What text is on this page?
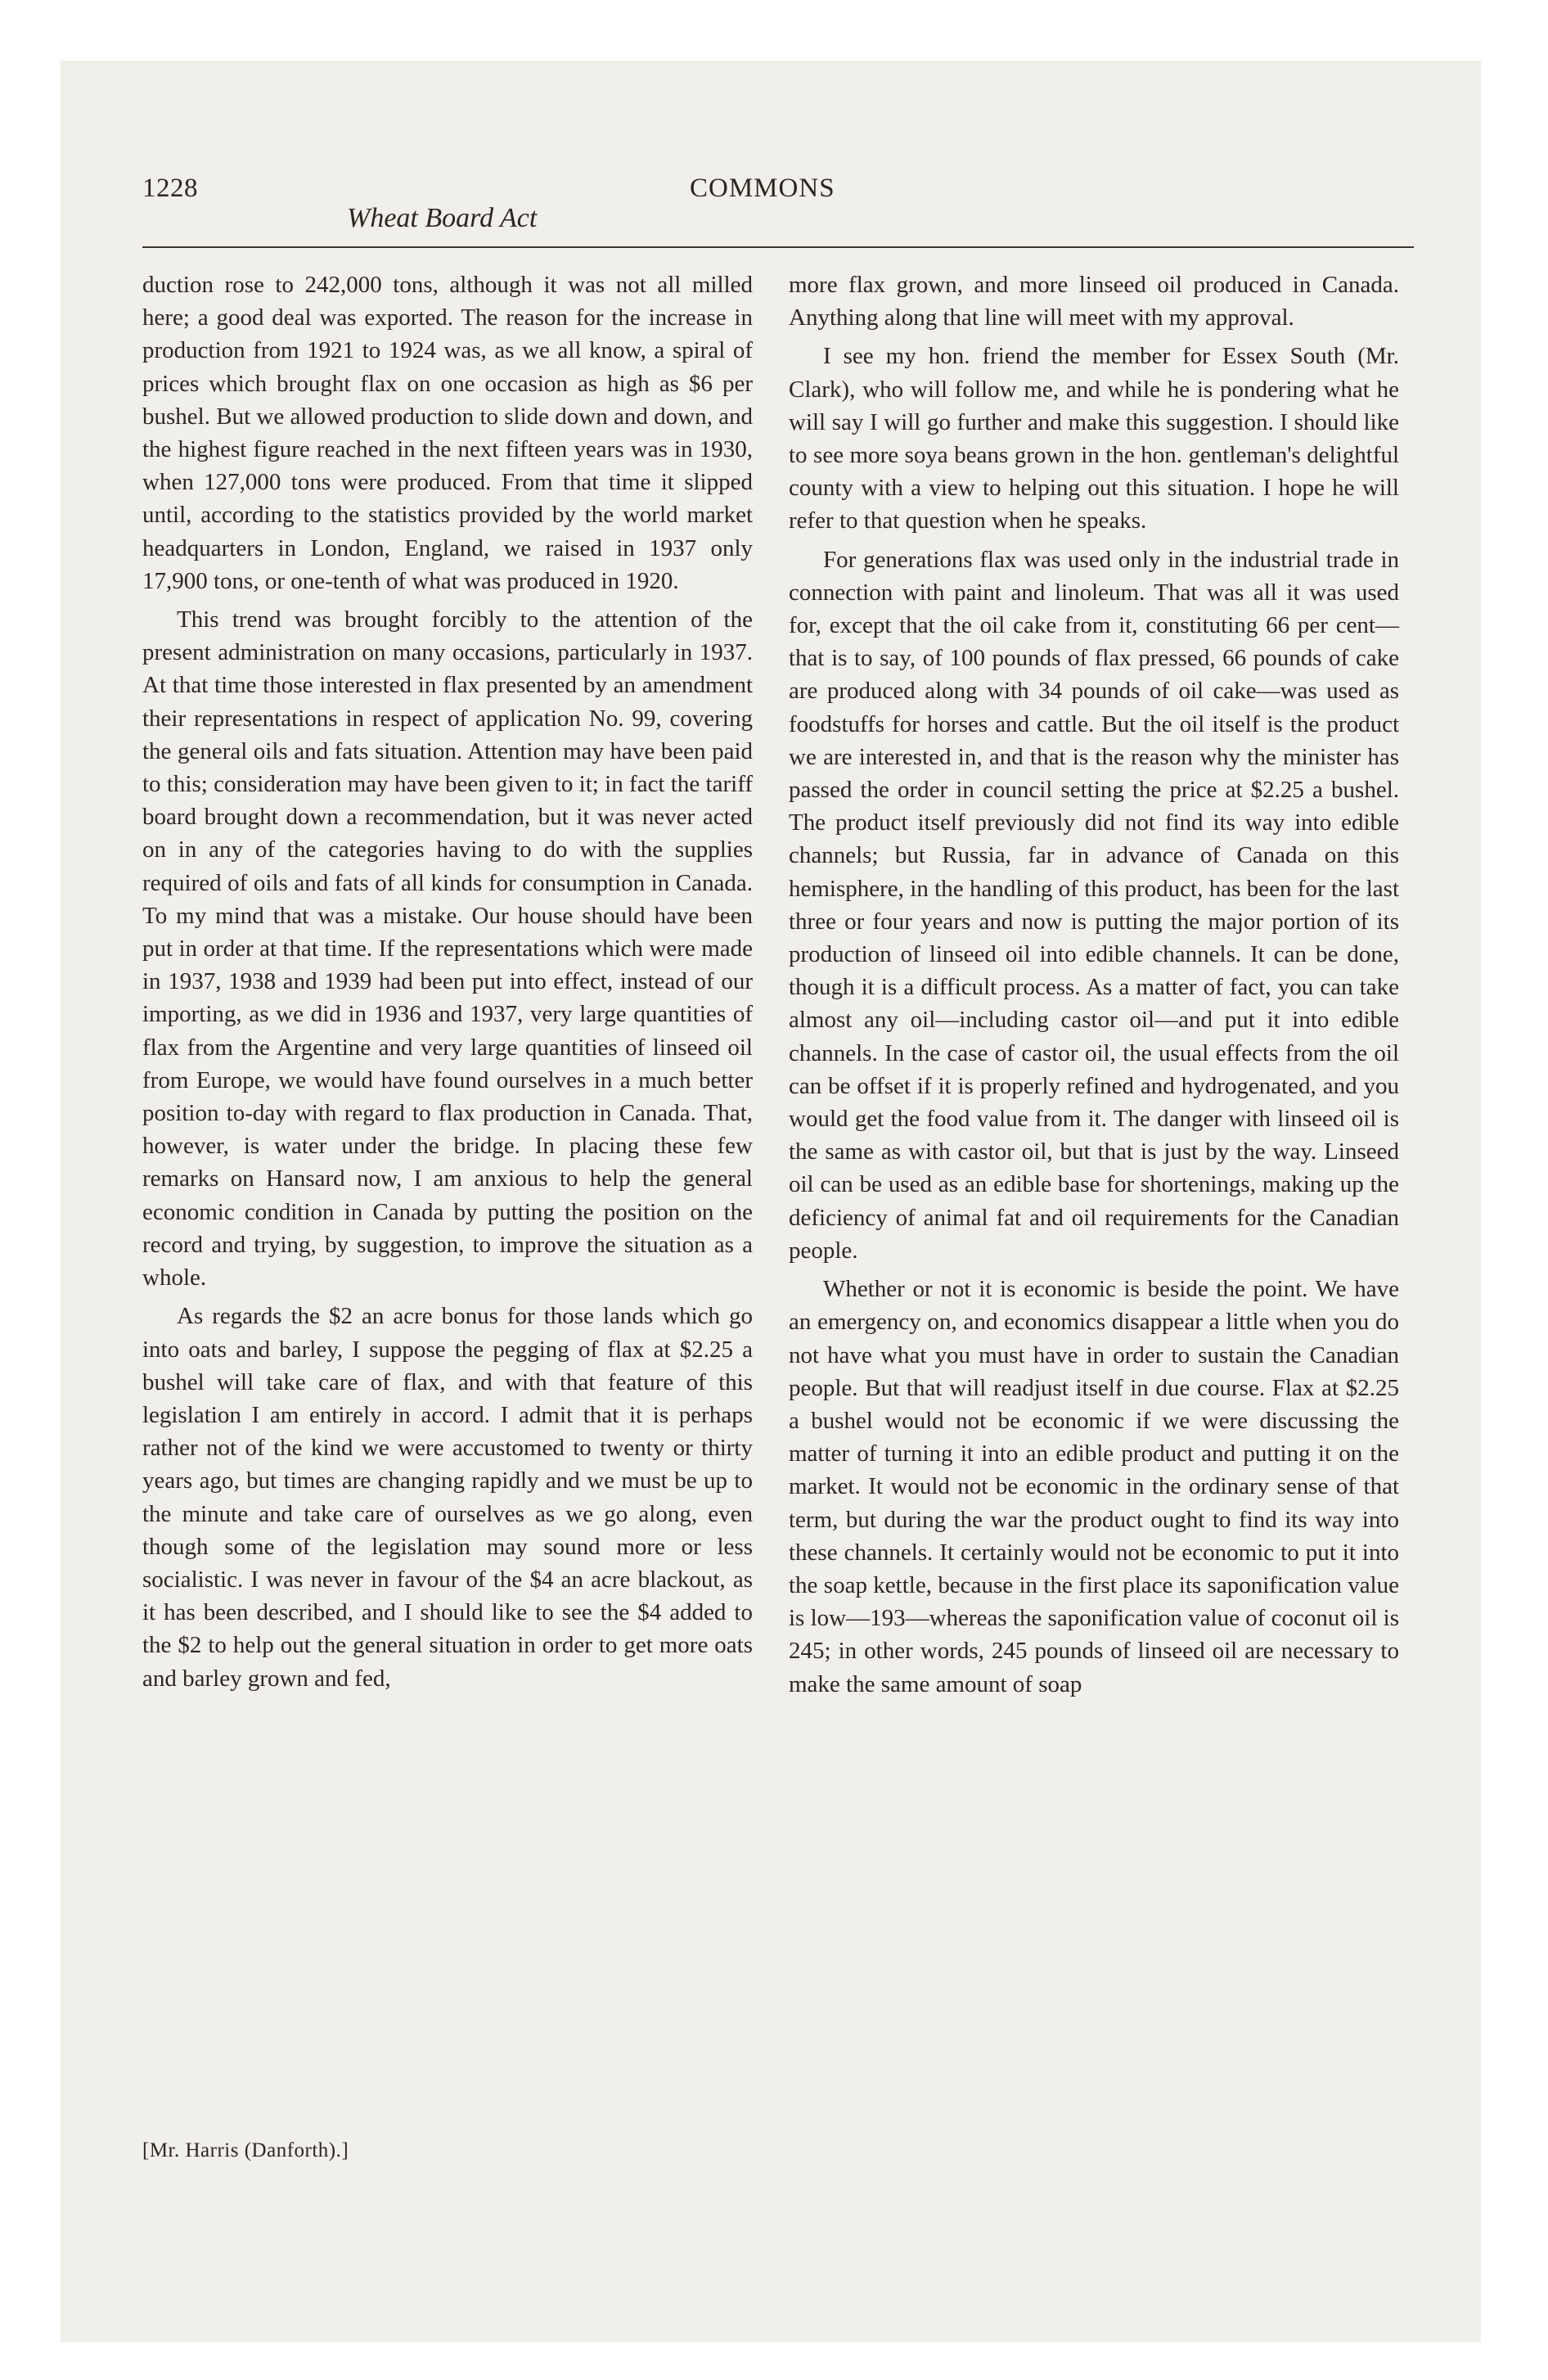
1228	COMMONS
Wheat Board Act

duction rose to 242,000 tons, although it was not all milled here; a good deal was exported. The reason for the increase in production from 1921 to 1924 was, as we all know, a spiral of prices which brought flax on one occasion as high as $6 per bushel. But we allowed production to slide down and down, and the highest figure reached in the next fifteen years was in 1930, when 127,000 tons were produced. From that time it slipped until, according to the statistics provided by the world market headquarters in London, England, we raised in 1937 only 17,900 tons, or one-tenth of what was produced in 1920.

This trend was brought forcibly to the attention of the present administration on many occasions, particularly in 1937. At that time those interested in flax presented by an amendment their representations in respect of application No. 99, covering the general oils and fats situation. Attention may have been paid to this; consideration may have been given to it; in fact the tariff board brought down a recommendation, but it was never acted on in any of the categories having to do with the supplies required of oils and fats of all kinds for consumption in Canada. To my mind that was a mistake. Our house should have been put in order at that time. If the representations which were made in 1937, 1938 and 1939 had been put into effect, instead of our importing, as we did in 1936 and 1937, very large quantities of flax from the Argentine and very large quantities of linseed oil from Europe, we would have found ourselves in a much better position to-day with regard to flax production in Canada. That, however, is water under the bridge. In placing these few remarks on Hansard now, I am anxious to help the general economic condition in Canada by putting the position on the record and trying, by suggestion, to improve the situation as a whole.

As regards the $2 an acre bonus for those lands which go into oats and barley, I suppose the pegging of flax at $2.25 a bushel will take care of flax, and with that feature of this legislation I am entirely in accord. I admit that it is perhaps rather not of the kind we were accustomed to twenty or thirty years ago, but times are changing rapidly and we must be up to the minute and take care of ourselves as we go along, even though some of the legislation may sound more or less socialistic. I was never in favour of the $4 an acre blackout, as it has been described, and I should like to see the $4 added to the $2 to help out the general situation in order to get more oats and barley grown and fed,

more flax grown, and more linseed oil produced in Canada. Anything along that line will meet with my approval.

I see my hon. friend the member for Essex South (Mr. Clark), who will follow me, and while he is pondering what he will say I will go further and make this suggestion. I should like to see more soya beans grown in the hon. gentleman's delightful county with a view to helping out this situation. I hope he will refer to that question when he speaks.

For generations flax was used only in the industrial trade in connection with paint and linoleum. That was all it was used for, except that the oil cake from it, constituting 66 per cent—that is to say, of 100 pounds of flax pressed, 66 pounds of cake are produced along with 34 pounds of oil cake—was used as foodstuffs for horses and cattle. But the oil itself is the product we are interested in, and that is the reason why the minister has passed the order in council setting the price at $2.25 a bushel. The product itself previously did not find its way into edible channels; but Russia, far in advance of Canada on this hemisphere, in the handling of this product, has been for the last three or four years and now is putting the major portion of its production of linseed oil into edible channels. It can be done, though it is a difficult process. As a matter of fact, you can take almost any oil—including castor oil—and put it into edible channels. In the case of castor oil, the usual effects from the oil can be offset if it is properly refined and hydrogenated, and you would get the food value from it. The danger with linseed oil is the same as with castor oil, but that is just by the way. Linseed oil can be used as an edible base for shortenings, making up the deficiency of animal fat and oil requirements for the Canadian people.

Whether or not it is economic is beside the point. We have an emergency on, and economics disappear a little when you do not have what you must have in order to sustain the Canadian people. But that will readjust itself in due course. Flax at $2.25 a bushel would not be economic if we were discussing the matter of turning it into an edible product and putting it on the market. It would not be economic in the ordinary sense of that term, but during the war the product ought to find its way into these channels. It certainly would not be economic to put it into the soap kettle, because in the first place its saponification value is low—193—whereas the saponification value of coconut oil is 245; in other words, 245 pounds of linseed oil are necessary to make the same amount of soap

[Mr. Harris (Danforth).]
